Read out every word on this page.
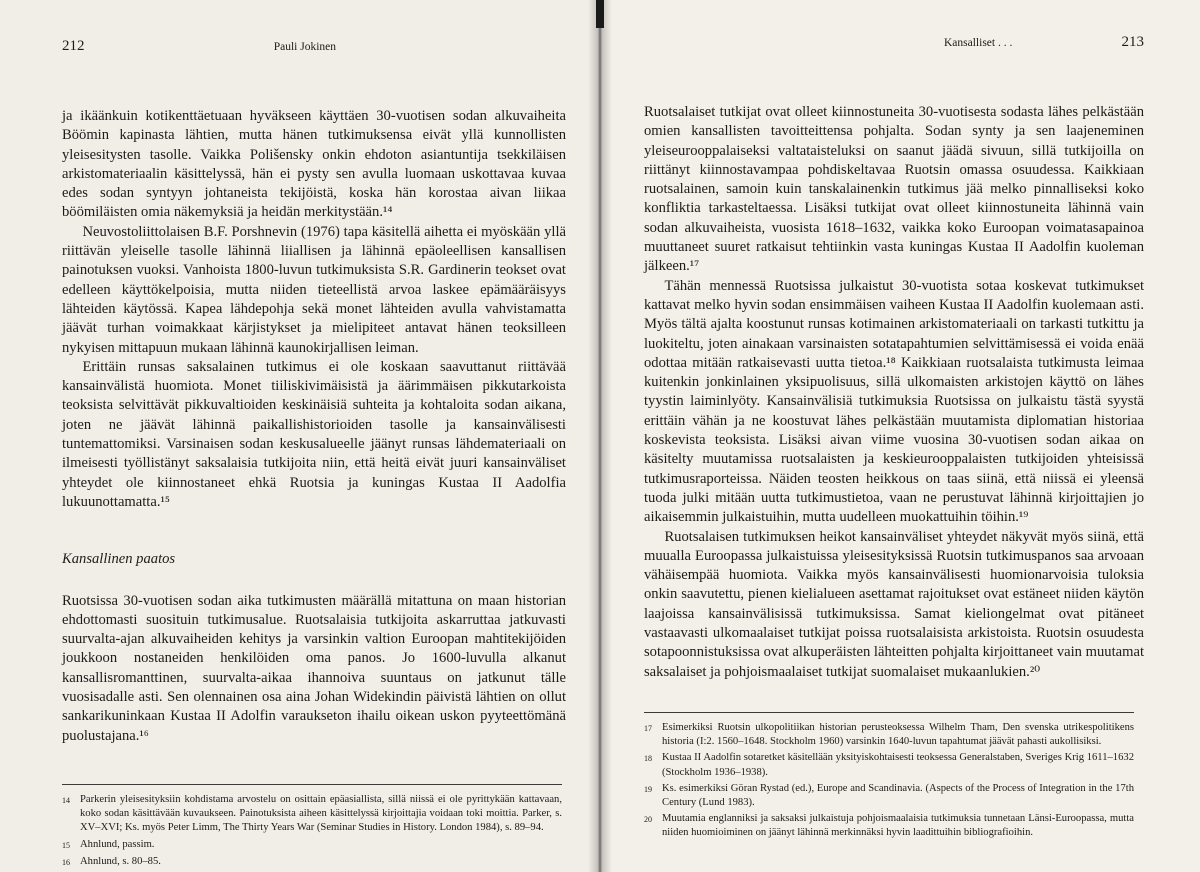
212	Pauli Jokinen

ja ikäänkuin kotikenttäetuaan hyväkseen käyttäen 30-vuotisen sodan alkuvaiheita Böömin kapinasta lähtien, mutta hänen tutkimuksensa eivät yllä kunnollisten yleisesitysten tasolle. Vaikka Polišensky onkin ehdoton asiantuntija tsekkiläisen arkistomateriaalin käsittelyssä, hän ei pysty sen avulla luomaan uskottavaa kuvaa edes sodan syntyyn johtaneista tekijöistä, koska hän korostaa aivan liikaa böömiläisten omia näkemyksiä ja heidän merkitystään.¹⁴

Neuvostoliittolaisen B.F. Porshnevin (1976) tapa käsitellä aihetta ei myöskään yllä riittävän yleiselle tasolle lähinnä liiallisen ja lähinnä epäoleellisen kansallisen painotuksen vuoksi. Vanhoista 1800-luvun tutkimuksista S.R. Gardinerin teokset ovat edelleen käyttökelpoisia, mutta niiden tieteellistä arvoa laskee epämääräisyys lähteiden käytössä. Kapea lähdepohja sekä monet lähteiden avulla vahvistamatta jäävät turhan voimakkaat kärjistykset ja mielipiteet antavat hänen teoksilleen nykyisen mittapuun mukaan lähinnä kaunokirjallisen leiman.

Erittäin runsas saksalainen tutkimus ei ole koskaan saavuttanut riittävää kansainvälistä huomiota. Monet tiiliskivimäisistä ja äärimmäisen pikkutarkoista teoksista selvittävät pikkuvaltioiden keskinäisiä suhteita ja kohtaloita sodan aikana, joten ne jäävät lähinnä paikallishistorioiden tasolle ja kansainvälisesti tuntemattomiksi. Varsinaisen sodan keskusalueelle jäänyt runsas lähdemateriaali on ilmeisesti työllistänyt saksalaisia tutkijoita niin, että heitä eivät juuri kansainväliset yhteydet ole kiinnostaneet ehkä Ruotsia ja kuningas Kustaa II Aadolfia lukuunottamatta.¹⁵

Kansallinen paatos

Ruotsissa 30-vuotisen sodan aika tutkimusten määrällä mitattuna on maan historian ehdottomasti suosituin tutkimusalue. Ruotsalaisia tutkijoita askarruttaa jatkuvasti suurvalta-ajan alkuvaiheiden kehitys ja varsinkin valtion Euroopan mahtitekijöiden joukkoon nostaneiden henkilöiden oma panos. Jo 1600-luvulla alkanut kansallisromanttinen, suurvalta-aikaa ihannoiva suuntaus on jatkunut tälle vuosisadalle asti. Sen olennainen osa aina Johan Widekindin päivistä lähtien on ollut sankarikuninkaan Kustaa II Adolfin varaukseton ihailu oikean uskon pyyteettömänä puolustajana.¹⁶

14 Parkerin yleisesityksiin kohdistama arvostelu on osittain epäasiallista, sillä niissä ei ole pyrittykään kattavaan, koko sodan käsittävään kuvaukseen. Painotuksista aiheen käsittelyssä kirjoittajia voidaan toki moittia. Parker, s. XV–XVI; Ks. myös Peter Limm, The Thirty Years War (Seminar Studies in History. London 1984), s. 89–94.
15 Ahnlund, passim.
16 Ahnlund, s. 80–85.
Kansalliset . . .	213

Ruotsalaiset tutkijat ovat olleet kiinnostuneita 30-vuotisesta sodasta lähes pelkästään omien kansallisten tavoitteittensa pohjalta. Sodan synty ja sen laajeneminen yleiseurooppalaiseksi valtataisteluksi on saanut jäädä sivuun, sillä tutkijoilla on riittänyt kiinnostavampaa pohdiskeltavaa Ruotsin omassa osuudessa. Kaikkiaan ruotsalainen, samoin kuin tanskalainenkin tutkimus jää melko pinnalliseksi koko konfliktia tarkasteltaessa. Lisäksi tutkijat ovat olleet kiinnostuneita lähinnä vain sodan alkuvaiheista, vuosista 1618–1632, vaikka koko Euroopan voimatasapainoa muuttaneet suuret ratkaisut tehtiinkin vasta kuningas Kustaa II Aadolfin kuoleman jälkeen.¹⁷

Tähän mennessä Ruotsissa julkaistut 30-vuotista sotaa koskevat tutkimukset kattavat melko hyvin sodan ensimmäisen vaiheen Kustaa II Aadolfin kuolemaan asti. Myös tältä ajalta koostunut runsas kotimainen arkistomateriaali on tarkasti tutkittu ja luokiteltu, joten ainakaan varsinaisten sotatapahtumien selvittämisessä ei voida enää odottaa mitään ratkaisevasti uutta tietoa.¹⁸ Kaikkiaan ruotsalaista tutkimusta leimaa kuitenkin jonkinlainen yksipuolisuus, sillä ulkomaisten arkistojen käyttö on lähes tyystin laiminlyöty. Kansainvälisiä tutkimuksia Ruotsissa on julkaistu tästä syystä erittäin vähän ja ne koostuvat lähes pelkästään muutamista diplomatian historiaa koskevista teoksista. Lisäksi aivan viime vuosina 30-vuotisen sodan aikaa on käsitelty muutamissa ruotsalaisten ja keskieurooppalaisten tutkijoiden yhteisissä tutkimusraporteissa. Näiden teosten heikkous on taas siinä, että niissä ei yleensä tuoda julki mitään uutta tutkimustietoa, vaan ne perustuvat lähinnä kirjoittajien jo aikaisemmin julkaistuihin, mutta uudelleen muokattuihin töihin.¹⁹

Ruotsalaisen tutkimuksen heikot kansainväliset yhteydet näkyvät myös siinä, että muualla Euroopassa julkaistuissa yleisesityksissä Ruotsin tutkimuspanos saa arvoaan vähäisempää huomiota. Vaikka myös kansainvälisesti huomionarvoisia tuloksia onkin saavutettu, pienen kielialueen asettamat rajoitukset ovat estäneet niiden käytön laajoissa kansainvälisissä tutkimuksissa. Samat kieliongelmat ovat pitäneet vastaavasti ulkomaalaiset tutkijat poissa ruotsalaisista arkistoista. Ruotsin osuudesta sotapoonnistuksissa ovat alkuperäisten lähteitten pohjalta kirjoittaneet vain muutamat saksalaiset ja pohjoismaalaiset tutkijat suomalaiset mukaanlukien.²⁰

17 Esimerkiksi Ruotsin ulkopolitiikan historian perusteoksessa Wilhelm Tham, Den svenska utrikespolitikens historia (I:2. 1560–1648. Stockholm 1960) varsinkin 1640-luvun tapahtumat jäävät pahasti aukollisiksi.
18 Kustaa II Aadolfin sotaretket käsitellään yksityiskohtaisesti teoksessa Generalstaben, Sveriges Krig 1611–1632 (Stockholm 1936–1938).
19 Ks. esimerkiksi Göran Rystad (ed.), Europe and Scandinavia. (Aspects of the Process of Integration in the 17th Century (Lund 1983).
20 Muutamia englanniksi ja saksaksi julkaistuja pohjoismaalaisia tutkimuksia tunnetaan Länsi-Euroopassa, mutta niiden huomioiminen on jäänyt lähinnä merkinnäksi hyvin laadittuihin bibliografioihin.
